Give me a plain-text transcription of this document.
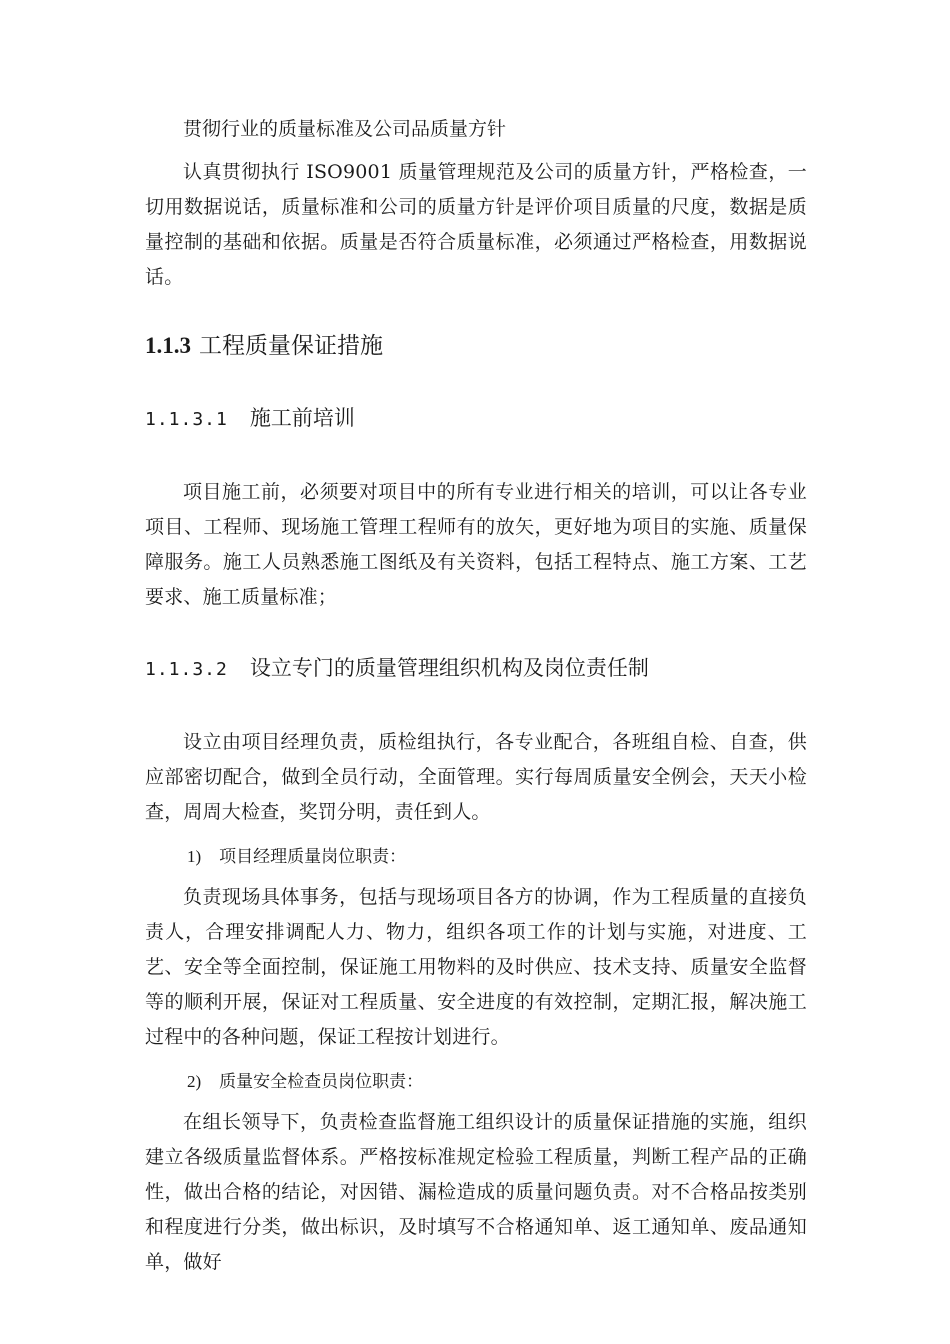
贯彻行业的质量标准及公司品质量方针

认真贯彻执行 ISO9001 质量管理规范及公司的质量方针，严格检查，一切用数据说话，质量标准和公司的质量方针是评价项目质量的尺度，数据是质量控制的基础和依据。质量是否符合质量标准，必须通过严格检查，用数据说话。

1.1.3 工程质量保证措施
1.1.3.1 施工前培训

项目施工前，必须要对项目中的所有专业进行相关的培训，可以让各专业项目、工程师、现场施工管理工程师有的放矢，更好地为项目的实施、质量保障服务。施工人员熟悉施工图纸及有关资料，包括工程特点、施工方案、工艺要求、施工质量标准；

1.1.3.2 设立专门的质量管理组织机构及岗位责任制

设立由项目经理负责，质检组执行，各专业配合，各班组自检、自查，供应部密切配合，做到全员行动，全面管理。实行每周质量安全例会，天天小检查，周周大检查，奖罚分明，责任到人。

1) 项目经理质量岗位职责：

负责现场具体事务，包括与现场项目各方的协调，作为工程质量的直接负责人，合理安排调配人力、物力，组织各项工作的计划与实施，对进度、工艺、安全等全面控制，保证施工用物料的及时供应、技术支持、质量安全监督等的顺利开展，保证对工程质量、安全进度的有效控制，定期汇报，解决施工过程中的各种问题，保证工程按计划进行。

2) 质量安全检查员岗位职责：

在组长领导下，负责检查监督施工组织设计的质量保证措施的实施，组织建立各级质量监督体系。严格按标准规定检验工程质量，判断工程产品的正确性，做出合格的结论，对因错、漏检造成的质量问题负责。对不合格品按类别和程度进行分类，做出标识，及时填写不合格通知单、返工通知单、废品通知单，做好
